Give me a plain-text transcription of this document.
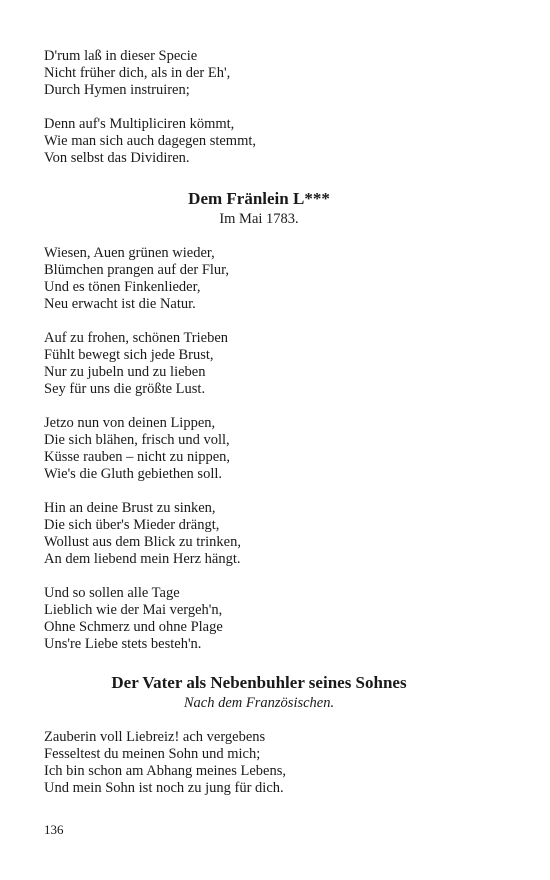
D'rum laß in dieser Specie
Nicht früher dich, als in der Eh',
Durch Hymen instruiren;
Denn auf's Multipliciren kömmt,
Wie man sich auch dagegen stemmt,
Von selbst das Dividiren.
Dem Fränlein L***
Im Mai 1783.
Wiesen, Auen grünen wieder,
Blümchen prangen auf der Flur,
Und es tönen Finkenlieder,
Neu erwacht ist die Natur.
Auf zu frohen, schönen Trieben
Fühlt bewegt sich jede Brust,
Nur zu jubeln und zu lieben
Sey für uns die größte Lust.
Jetzo nun von deinen Lippen,
Die sich blähen, frisch und voll,
Küsse rauben – nicht zu nippen,
Wie's die Gluth gebiethen soll.
Hin an deine Brust zu sinken,
Die sich über's Mieder drängt,
Wollust aus dem Blick zu trinken,
An dem liebend mein Herz hängt.
Und so sollen alle Tage
Lieblich wie der Mai vergeh'n,
Ohne Schmerz und ohne Plage
Uns're Liebe stets besteh'n.
Der Vater als Nebenbuhler seines Sohnes
Nach dem Französischen.
Zauberin voll Liebreiz! ach vergebens
Fesseltest du meinen Sohn und mich;
Ich bin schon am Abhang meines Lebens,
Und mein Sohn ist noch zu jung für dich.
136
